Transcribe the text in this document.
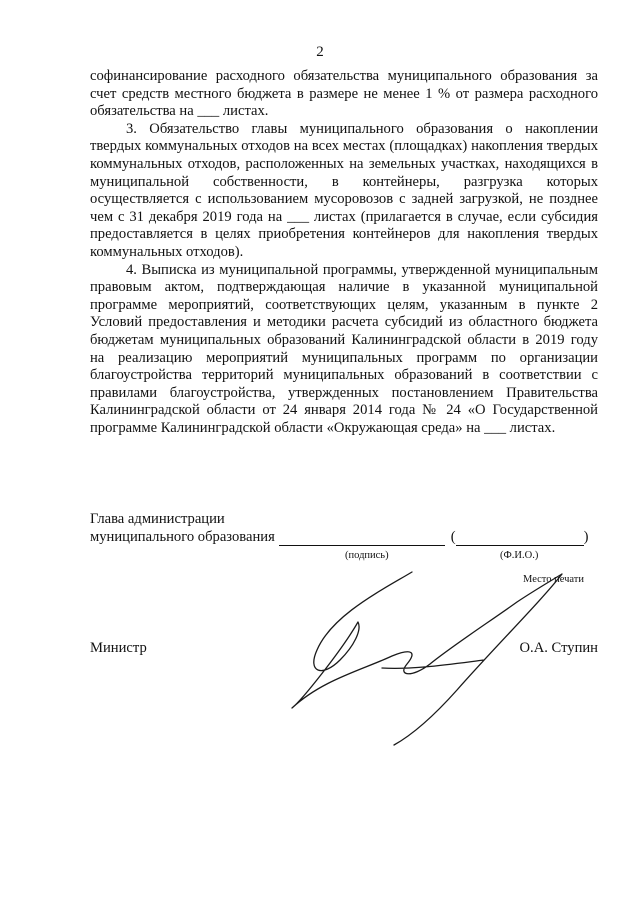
2

софинансирование расходного обязательства муниципального образования за счет средств местного бюджета в размере не менее 1 % от размера расходного обязательства на ___ листах.

3. Обязательство главы муниципального образования о накоплении твердых коммунальных отходов на всех местах (площадках) накопления твердых коммунальных отходов, расположенных на земельных участках, находящихся в муниципальной собственности, в контейнеры, разгрузка которых осуществляется с использованием мусоровозов с задней загрузкой, не позднее чем с 31 декабря 2019 года на ___ листах (прилагается в случае, если субсидия предоставляется в целях приобретения контейнеров для накопления твердых коммунальных отходов).

4. Выписка из муниципальной программы, утвержденной муниципальным правовым актом, подтверждающая наличие в указанной муниципальной программе мероприятий, соответствующих целям, указанным в пункте 2 Условий предоставления и методики расчета субсидий из областного бюджета бюджетам муниципальных образований Калининградской области в 2019 году на реализацию мероприятий муниципальных программ по организации благоустройства территорий муниципальных образований в соответствии с правилами благоустройства, утвержденных постановлением Правительства Калининградской области от 24 января 2014 года № 24 «О Государственной программе Калининградской области «Окружающая среда» на ___ листах.

Глава администрации
муниципального образования	(	)
(подпись)	(Ф.И.О.)
Место печати
Министр	О.А. Ступин
